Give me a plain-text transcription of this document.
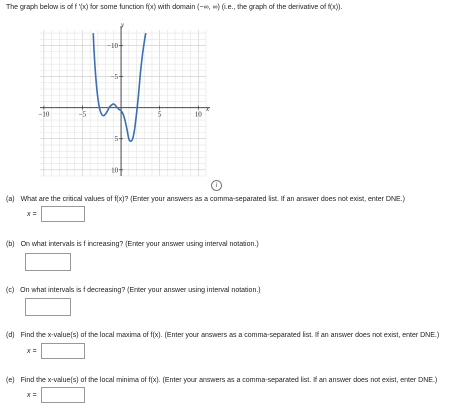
The graph below is of f ′(x) for some function f(x) with domain (−∞, ∞) (i.e., the graph of the derivative of f(x)).
−10	−5	5	10
10
5
−5
−10
x
y
i
(a) What are the critical values of f(x)? (Enter your answers as a comma-separated list. If an answer does not exist, enter DNE.)
x =
(b) On what intervals is f increasing? (Enter your answer using interval notation.)
(c) On what intervals is f decreasing? (Enter your answer using interval notation.)
(d) Find the x-value(s) of the local maxima of f(x). (Enter your answers as a comma-separated list. If an answer does not exist, enter DNE.)
x =
(e) Find the x-value(s) of the local minima of f(x). (Enter your answers as a comma-separated list. If an answer does not exist, enter DNE.)
x =
